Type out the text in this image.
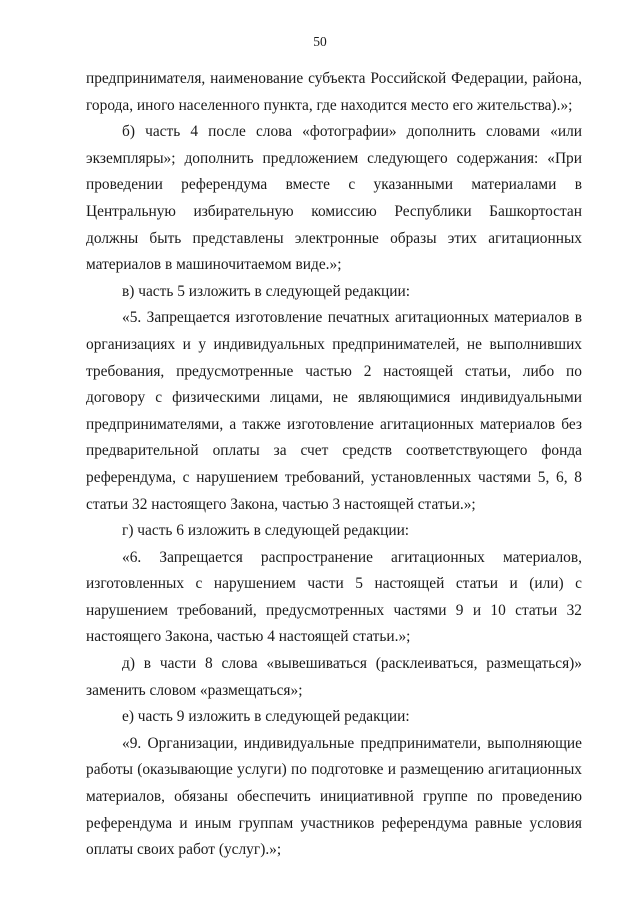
50

предпринимателя, наименование субъекта Российской Федерации, района, города, иного населенного пункта, где находится место его жительства).»;

б) часть 4 после слова «фотографии» дополнить словами «или экземпляры»; дополнить предложением следующего содержания: «При проведении референдума вместе с указанными материалами в Центральную избирательную комиссию Республики Башкортостан должны быть представлены электронные образы этих агитационных материалов в машиночитаемом виде.»;

в) часть 5 изложить в следующей редакции:

«5. Запрещается изготовление печатных агитационных материалов в организациях и у индивидуальных предпринимателей, не выполнивших требования, предусмотренные частью 2 настоящей статьи, либо по договору с физическими лицами, не являющимися индивидуальными предпринимателями, а также изготовление агитационных материалов без предварительной оплаты за счет средств соответствующего фонда референдума, с нарушением требований, установленных частями 5, 6, 8 статьи 32 настоящего Закона, частью 3 настоящей статьи.»;

г) часть 6 изложить в следующей редакции:

«6. Запрещается распространение агитационных материалов, изготовленных с нарушением части 5 настоящей статьи и (или) с нарушением требований, предусмотренных частями 9 и 10 статьи 32 настоящего Закона, частью 4 настоящей статьи.»;

д) в части 8 слова «вывешиваться (расклеиваться, размещаться)» заменить словом «размещаться»;

е) часть 9 изложить в следующей редакции:

«9. Организации, индивидуальные предприниматели, выполняющие работы (оказывающие услуги) по подготовке и размещению агитационных материалов, обязаны обеспечить инициативной группе по проведению референдума и иным группам участников референдума равные условия оплаты своих работ (услуг).»;
